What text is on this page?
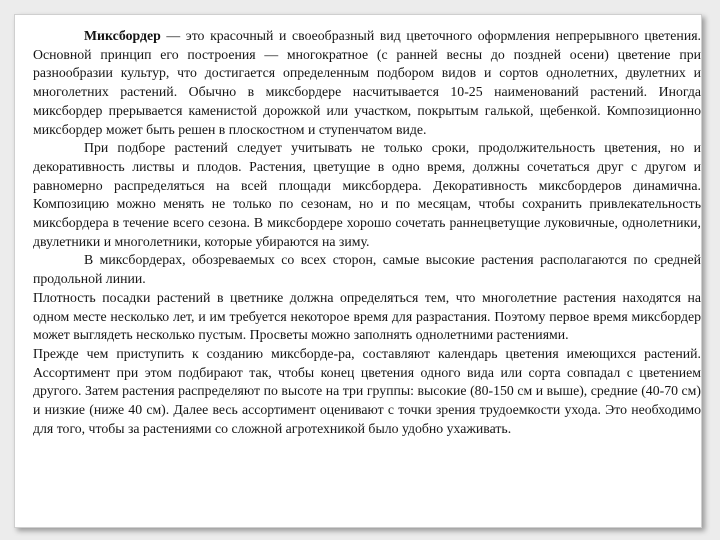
Миксбордер — это красочный и своеобразный вид цветочного оформления непрерывного цветения. Основной принцип его построения — многократное (с ранней весны до поздней осени) цветение при разнообразии культур, что достигается определенным подбором видов и сортов однолетних, двулетних и многолетних растений. Обычно в миксбордере насчитывается 10-25 наименований растений. Иногда миксбордер прерывается каменистой дорожкой или участком, покрытым галькой, щебенкой. Композиционно миксбордер может быть решен в плоскостном и ступенчатом виде.

При подборе растений следует учитывать не только сроки, продолжительность цветения, но и декоративность листвы и плодов. Растения, цветущие в одно время, должны сочетаться друг с другом и равномерно распределяться на всей площади миксбордера. Декоративность миксбордеров динамична. Композицию можно менять не только по сезонам, но и по месяцам, чтобы сохранить привлекательность миксбордера в течение всего сезона. В миксбордере хорошо сочетать раннецветущие луковичные, однолетники, двулетники и многолетники, которые убираются на зиму.

В миксбордерах, обозреваемых со всех сторон, самые высокие растения располагаются по средней продольной линии.

Плотность посадки растений в цветнике должна определяться тем, что многолетние растения находятся на одном месте несколько лет, и им требуется некоторое время для разрастания. Поэтому первое время миксбордер может выглядеть несколько пустым. Просветы можно заполнять однолетними растениями.

Прежде чем приступить к созданию миксборде-ра, составляют календарь цветения имеющихся растений. Ассортимент при этом подбирают так, чтобы конец цветения одного вида или сорта совпадал с цветением другого. Затем растения распределяют по высоте на три группы: высокие (80-150 см и выше), средние (40-70 см) и низкие (ниже 40 см). Далее весь ассортимент оценивают с точки зрения трудоемкости ухода. Это необходимо для того, чтобы за растениями со сложной агротехникой было удобно ухаживать.
